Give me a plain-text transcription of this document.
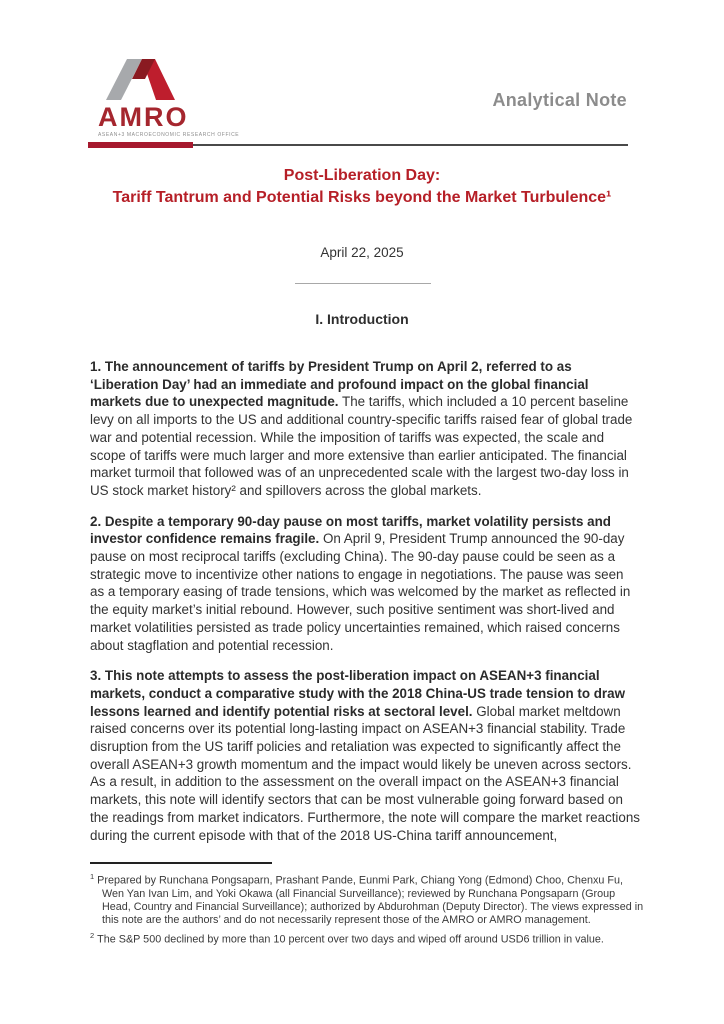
AMRO
ASEAN+3 MACROECONOMIC RESEARCH OFFICE
Analytical Note
Post-Liberation Day:
Tariff Tantrum and Potential Risks beyond the Market Turbulence¹
April 22, 2025
I. Introduction

1. The announcement of tariffs by President Trump on April 2, referred to as ‘Liberation Day’ had an immediate and profound impact on the global financial markets due to unexpected magnitude. The tariffs, which included a 10 percent baseline levy on all imports to the US and additional country-specific tariffs raised fear of global trade war and potential recession. While the imposition of tariffs was expected, the scale and scope of tariffs were much larger and more extensive than earlier anticipated. The financial market turmoil that followed was of an unprecedented scale with the largest two-day loss in US stock market history² and spillovers across the global markets.

2. Despite a temporary 90-day pause on most tariffs, market volatility persists and investor confidence remains fragile. On April 9, President Trump announced the 90-day pause on most reciprocal tariffs (excluding China). The 90-day pause could be seen as a strategic move to incentivize other nations to engage in negotiations. The pause was seen as a temporary easing of trade tensions, which was welcomed by the market as reflected in the equity market’s initial rebound. However, such positive sentiment was short-lived and market volatilities persisted as trade policy uncertainties remained, which raised concerns about stagflation and potential recession.

3. This note attempts to assess the post-liberation impact on ASEAN+3 financial markets, conduct a comparative study with the 2018 China-US trade tension to draw lessons learned and identify potential risks at sectoral level. Global market meltdown raised concerns over its potential long-lasting impact on ASEAN+3 financial stability. Trade disruption from the US tariff policies and retaliation was expected to significantly affect the overall ASEAN+3 growth momentum and the impact would likely be uneven across sectors. As a result, in addition to the assessment on the overall impact on the ASEAN+3 financial markets, this note will identify sectors that can be most vulnerable going forward based on the readings from market indicators. Furthermore, the note will compare the market reactions during the current episode with that of the 2018 US-China tariff announcement,

$^1$ Prepared by Runchana Pongsaparn, Prashant Pande, Eunmi Park, Chiang Yong (Edmond) Choo, Chenxu Fu, Wen Yan Ivan Lim, and Yoki Okawa (all Financial Surveillance); reviewed by Runchana Pongsaparn (Group Head, Country and Financial Surveillance); authorized by Abdurohman (Deputy Director). The views expressed in this note are the authors’ and do not necessarily represent those of the AMRO or AMRO management.
$^2$ The S&P 500 declined by more than 10 percent over two days and wiped off around USD6 trillion in value.
